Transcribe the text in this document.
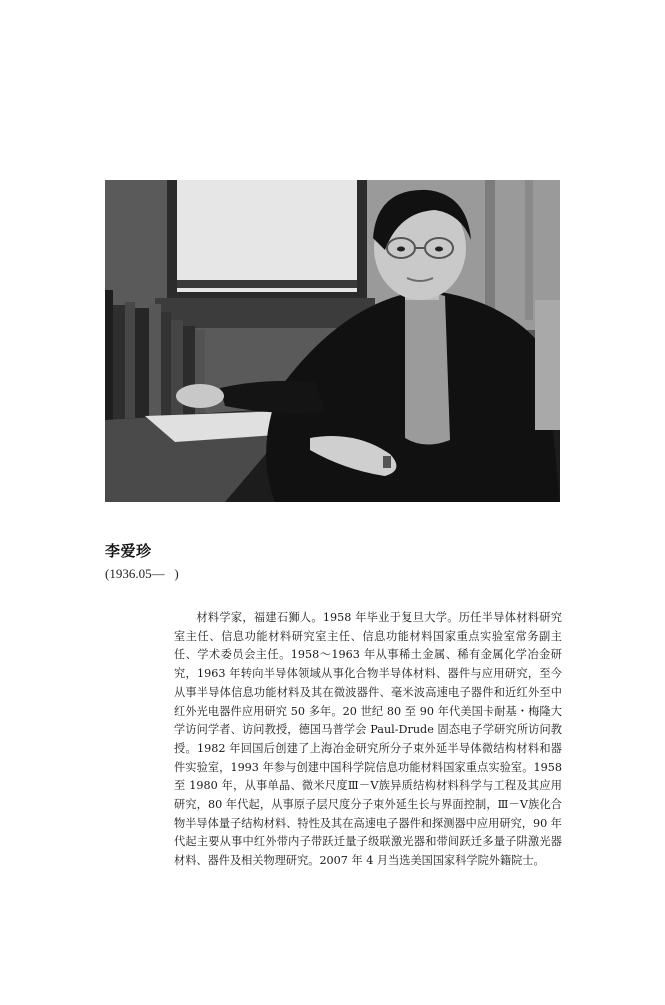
李爱珍
(1936.05—   )

材料学家，福建石狮人。1958 年毕业于复旦大学。历任半导体材料研究室主任、信息功能材料研究室主任、信息功能材料国家重点实验室常务副主任、学术委员会主任。1958～1963 年从事稀土金属、稀有金属化学冶金研究，1963 年转向半导体领域从事化合物半导体材料、器件与应用研究，至今从事半导体信息功能材料及其在微波器件、毫米波高速电子器件和近红外至中红外光电器件应用研究 50 多年。20 世纪 80 至 90 年代美国卡耐基・梅隆大学访问学者、访问教授，德国马普学会 Paul-Drude 固态电子学研究所访问教授。1982 年回国后创建了上海冶金研究所分子束外延半导体微结构材料和器件实验室，1993 年参与创建中国科学院信息功能材料国家重点实验室。1958 至 1980 年，从事单晶、微米尺度Ⅲ－Ⅴ族异质结构材料科学与工程及其应用研究，80 年代起，从事原子层尺度分子束外延生长与界面控制，Ⅲ－Ⅴ族化合物半导体量子结构材料、特性及其在高速电子器件和探测器中应用研究，90 年代起主要从事中红外带内子带跃迁量子级联激光器和带间跃迁多量子阱激光器材料、器件及相关物理研究。2007 年 4 月当选美国国家科学院外籍院士。
